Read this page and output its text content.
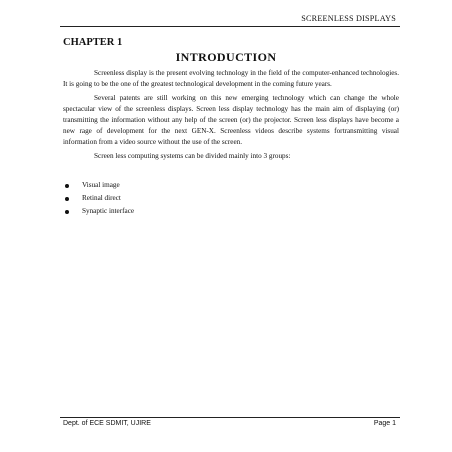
SCREENLESS DISPLAYS
CHAPTER 1
INTRODUCTION

Screenless display is the present evolving technology in the field of the computer-enhanced technologies. It is going to be the one of the greatest technological development in the coming future years.

Several patents are still working on this new emerging technology which can change the whole spectacular view of the screenless displays. Screen less display technology has the main aim of displaying (or) transmitting the information without any help of the screen (or) the projector. Screen less displays have become a new rage of development for the next GEN-X. Screenless videos describe systems fortransmitting visual information from a video source without the use of the screen.

Screen less computing systems can be divided mainly into 3 groups:

Visual image
Retinal direct
Synaptic interface
Dept. of ECE SDMIT, UJIRE	Page 1
